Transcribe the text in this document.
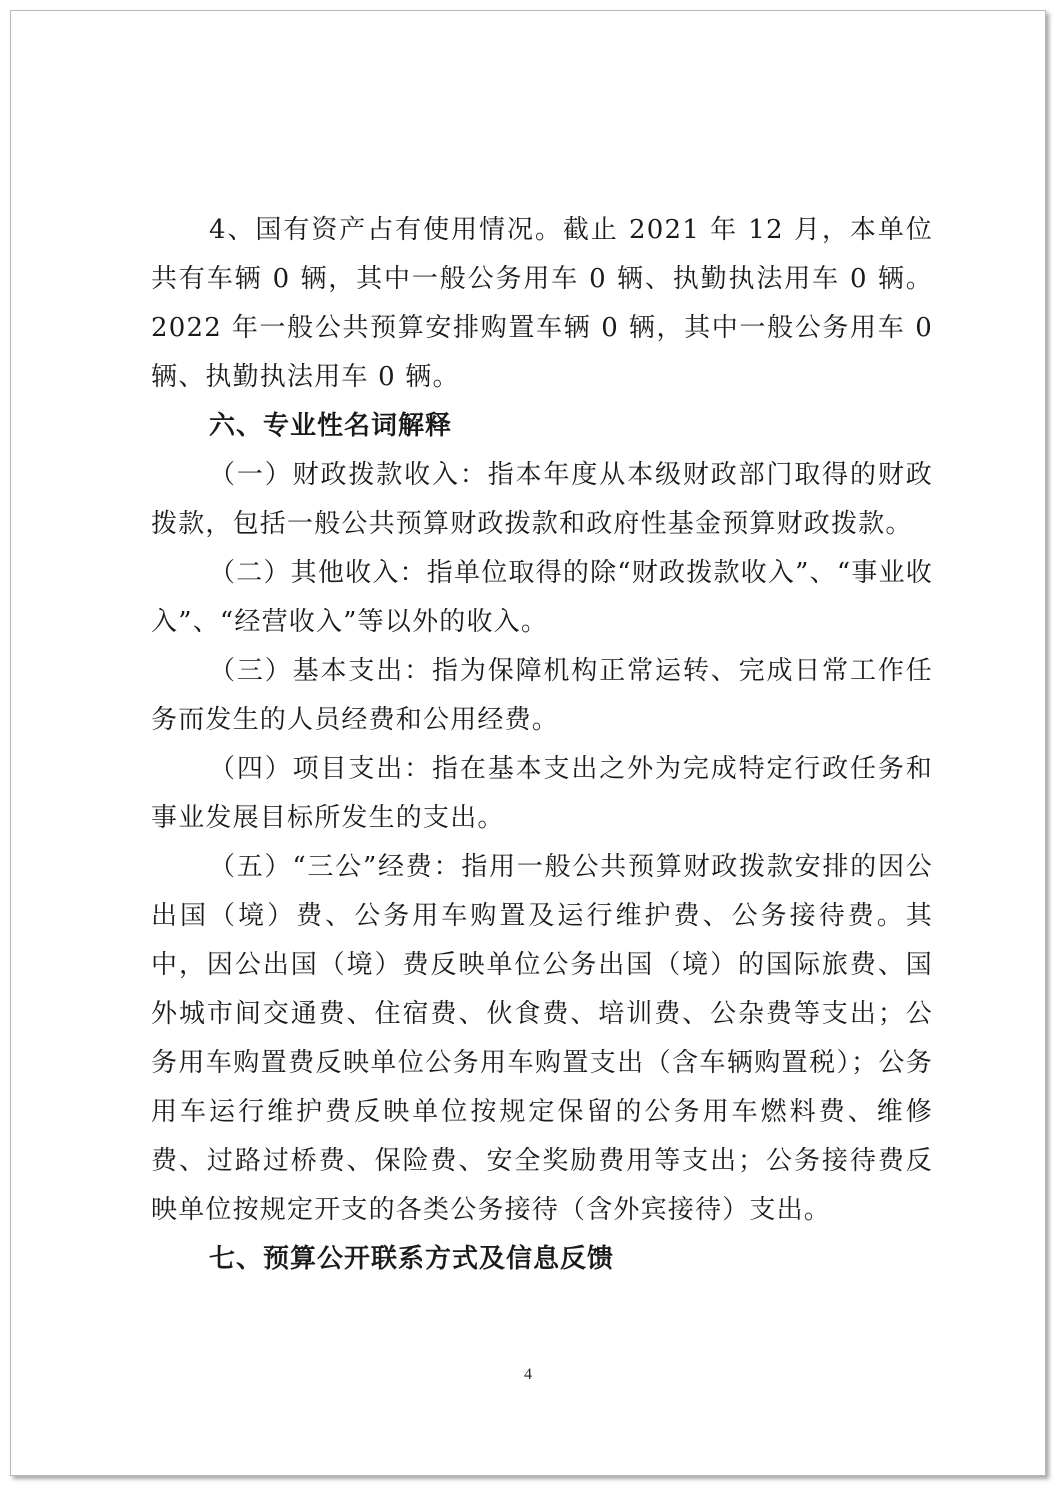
4、国有资产占有使用情况。截止 2021 年 12 月，本单位共有车辆 0 辆，其中一般公务用车 0 辆、执勤执法用车 0 辆。2022 年一般公共预算安排购置车辆 0 辆，其中一般公务用车 0 辆、执勤执法用车 0 辆。

六、专业性名词解释

（一）财政拨款收入：指本年度从本级财政部门取得的财政拨款，包括一般公共预算财政拨款和政府性基金预算财政拨款。

（二）其他收入：指单位取得的除“财政拨款收入”、“事业收入”、“经营收入”等以外的收入。

（三）基本支出：指为保障机构正常运转、完成日常工作任务而发生的人员经费和公用经费。

（四）项目支出：指在基本支出之外为完成特定行政任务和事业发展目标所发生的支出。

（五）“三公”经费：指用一般公共预算财政拨款安排的因公出国（境）费、公务用车购置及运行维护费、公务接待费。其中，因公出国（境）费反映单位公务出国（境）的国际旅费、国外城市间交通费、住宿费、伙食费、培训费、公杂费等支出；公务用车购置费反映单位公务用车购置支出（含车辆购置税）；公务用车运行维护费反映单位按规定保留的公务用车燃料费、维修费、过路过桥费、保险费、安全奖励费用等支出；公务接待费反映单位按规定开支的各类公务接待（含外宾接待）支出。

七、预算公开联系方式及信息反馈

4
